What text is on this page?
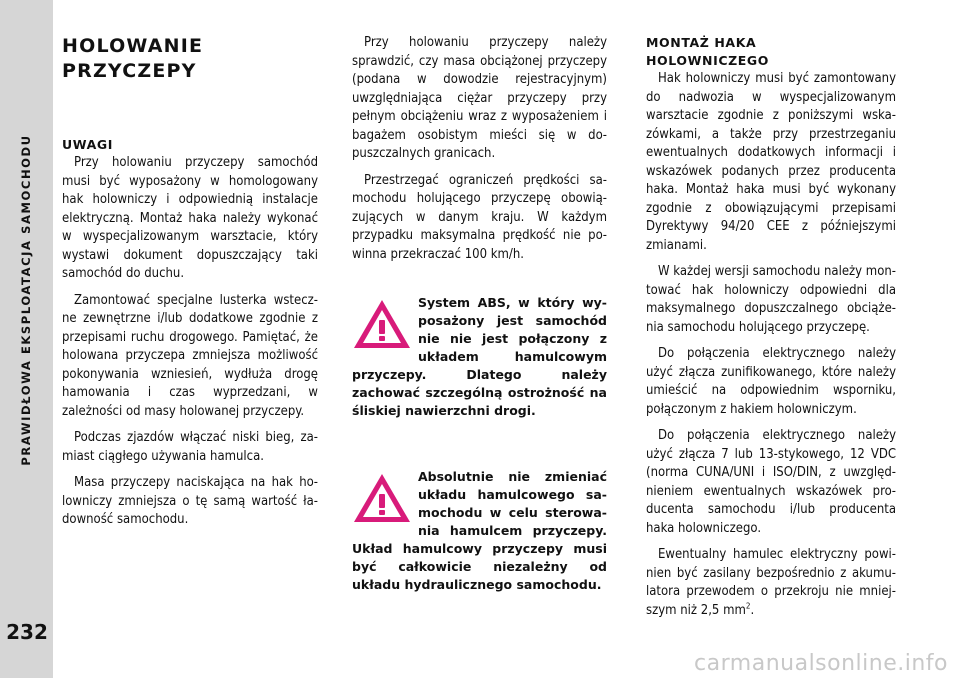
PRAWIDŁOWA EKSPLOATACJA SAMOCHODU
232
HOLOWANIE
PRZYCZEPY
UWAGI

Przy holowaniu przyczepy samochód musi być wyposażony w homologowany hak holowniczy i odpowiednią instalacje elektryczną. Montaż haka należy wykonać w wyspecjalizowanym warsztacie, który wystawi dokument dopuszczający taki samochód do duchu.

Zamontować specjalne lusterka wsteczne zewnętrzne i/lub dodatkowe zgodnie z przepisami ruchu drogowego. Pamiętać, że holowana przyczepa zmniejsza możliwość pokonywania wzniesień, wydłuża drogę hamowania i czas wyprzedzani, w zależności od masy holowanej przyczepy.

Podczas zjazdów włączać niski bieg, zamiast ciągłego używania hamulca.

Masa przyczepy naciskająca na hak holowniczy zmniejsza o tę samą wartość ładowność samochodu.

Przy holowaniu przyczepy należy sprawdzić, czy masa obciążonej przyczepy (podana w dowodzie rejestracyjnym) uwzględniająca ciężar przyczepy przy pełnym obciążeniu wraz z wyposażeniem i bagażem osobistym mieści się w dopuszczalnych granicach.

Przestrzegać ograniczeń prędkości samochodu holującego przyczepę obowiązujących w danym kraju. W każdym przypadku maksymalna prędkość nie powinna przekraczać 100 km/h.

System ABS, w który wyposażony jest samochód nie nie jest połączony z układem hamulcowym przyczepy. Dlatego należy zachować szczególną ostrożność na śliskiej nawierzchni drogi.
Absolutnie nie zmieniać układu hamulcowego samochodu w celu sterowania hamulcem przyczepy. Układ hamulcowy przyczepy musi być całkowicie niezależny od układu hydraulicznego samochodu.
MONTAŻ HAKA
HOLOWNICZEGO

Hak holowniczy musi być zamontowany do nadwozia w wyspecjalizowanym warsztacie zgodnie z poniższymi wskazówkami, a także przy przestrzeganiu ewentualnych dodatkowych informacji i wskazówek podanych przez producenta haka. Montaż haka musi być wykonany zgodnie z obowiązującymi przepisami Dyrektywy 94/20 CEE z późniejszymi zmianami.

W każdej wersji samochodu należy montować hak holowniczy odpowiedni dla maksymalnego dopuszczalnego obciążenia samochodu holującego przyczepę.

Do połączenia elektrycznego należy użyć złącza zunifikowanego, które należy umieścić na odpowiednim wsporniku, połączonym z hakiem holowniczym.

Do połączenia elektrycznego należy użyć złącza 7 lub 13-stykowego, 12 VDC (norma CUNA/UNI i ISO/DIN, z uwzględnieniem ewentualnych wskazówek producenta samochodu i/lub producenta haka holowniczego.

Ewentualny hamulec elektryczny powinien być zasilany bezpośrednio z akumulatora przewodem o przekroju nie mniejszym niż 2,5 $mm^2$.

carmanualsonline.info
